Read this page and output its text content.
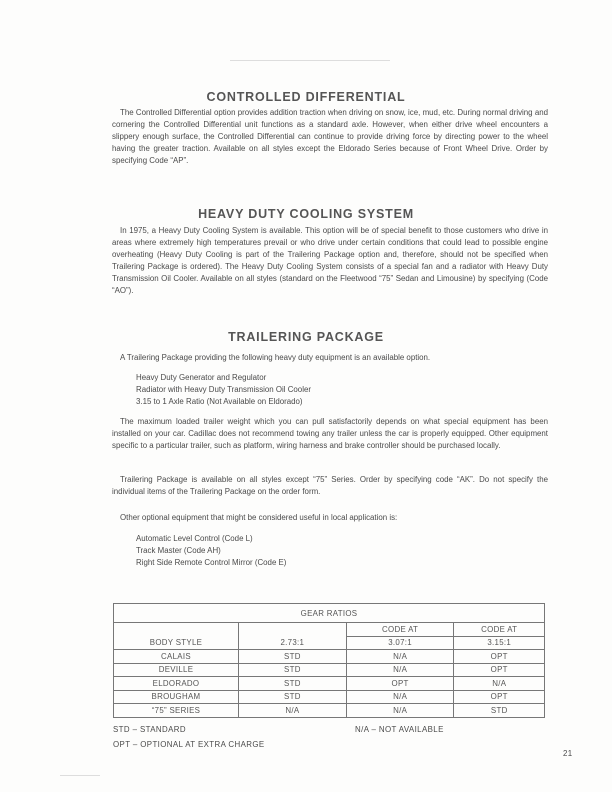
CONTROLLED DIFFERENTIAL
The Controlled Differential option provides addition traction when driving on snow, ice, mud, etc. During normal driving and cornering the Controlled Differential unit functions as a standard axle. However, when either drive wheel encounters a slippery enough surface, the Controlled Differential can continue to provide driving force by directing power to the wheel having the greater traction. Available on all styles except the Eldorado Series because of Front Wheel Drive. Order by specifying Code “AP”.
HEAVY DUTY COOLING SYSTEM
In 1975, a Heavy Duty Cooling System is available. This option will be of special benefit to those customers who drive in areas where extremely high temperatures prevail or who drive under certain conditions that could lead to possible engine overheating (Heavy Duty Cooling is part of the Trailering Package option and, therefore, should not be specified when Trailering Package is ordered). The Heavy Duty Cooling System consists of a special fan and a radiator with Heavy Duty Transmission Oil Cooler. Available on all styles (standard on the Fleetwood “75” Sedan and Limousine) by specifying (Code “AO”).
TRAILERING PACKAGE
A Trailering Package providing the following heavy duty equipment is an available option.
Heavy Duty Generator and Regulator
Radiator with Heavy Duty Transmission Oil Cooler
3.15 to 1 Axle Ratio (Not Available on Eldorado)
The maximum loaded trailer weight which you can pull satisfactorily depends on what special equipment has been installed on your car. Cadillac does not recommend towing any trailer unless the car is properly equipped. Other equipment specific to a particular trailer, such as platform, wiring harness and brake controller should be purchased locally.
Trailering Package is available on all styles except “75” Series. Order by specifying code “AK”. Do not specify the individual items of the Trailering Package on the order form.
Other optional equipment that might be considered useful in local application is:
Automatic Level Control (Code L)
Track Master (Code AH)
Right Side Remote Control Mirror (Code E)
GEAR RATIOS			
		CODE AT	CODE AT
BODY STYLE	2.73:1	3.07:1	3.15:1
CALAIS	STD	N/A	OPT
DEVILLE	STD	N/A	OPT
ELDORADO	STD	OPT	N/A
BROUGHAM	STD	N/A	OPT
“75” SERIES	N/A	N/A	STD
STD – STANDARD	N/A – NOT AVAILABLE
OPT – OPTIONAL AT EXTRA CHARGE
21
